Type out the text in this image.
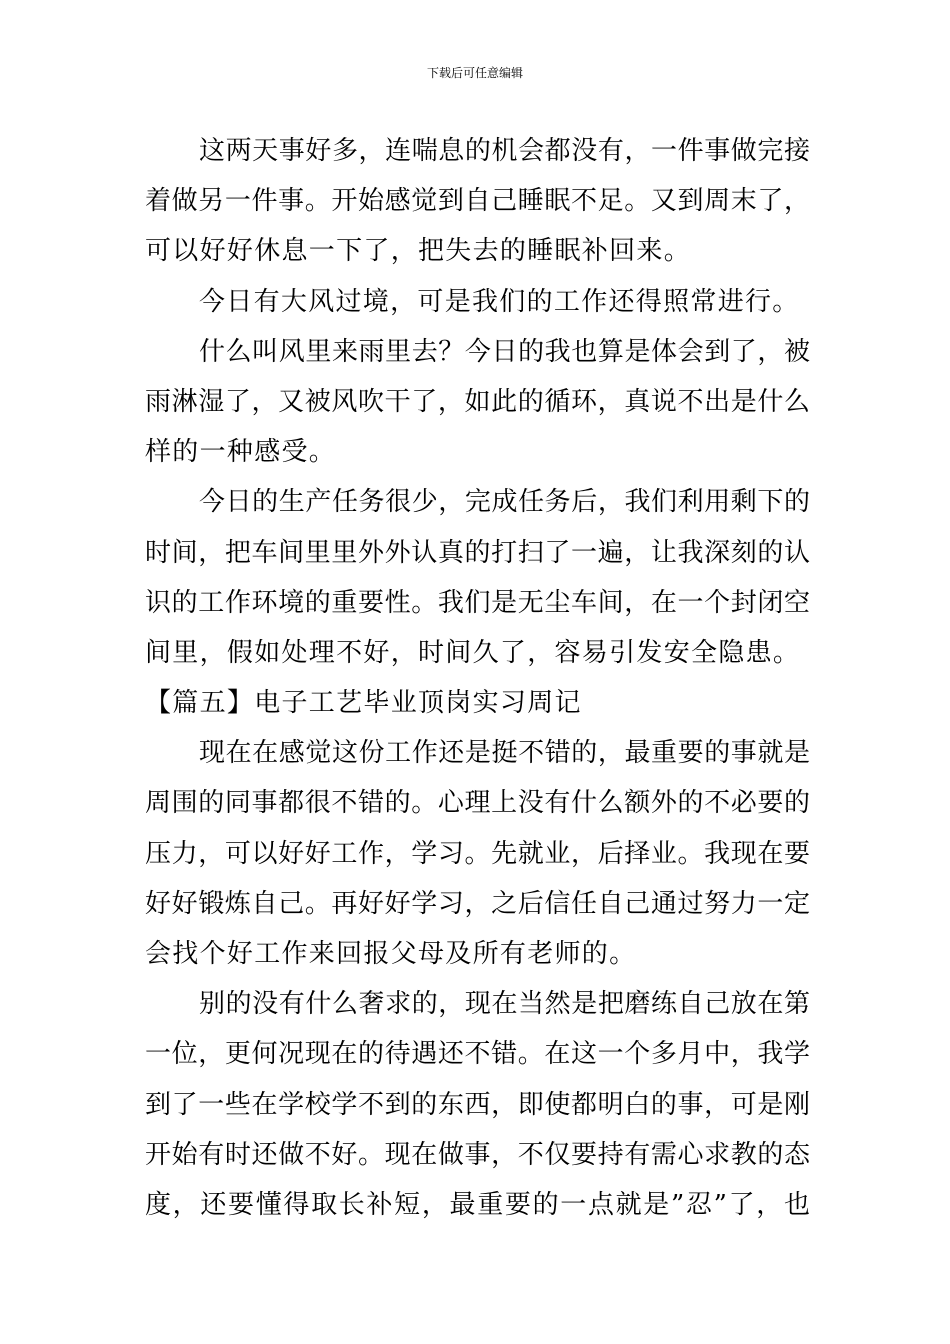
下载后可任意编辑
这两天事好多，连喘息的机会都没有，一件事做完接
着做另一件事。开始感觉到自己睡眠不足。又到周末了，
可以好好休息一下了，把失去的睡眠补回来。
今日有大风过境，可是我们的工作还得照常进行。
什么叫风里来雨里去？今日的我也算是体会到了，被
雨淋湿了，又被风吹干了，如此的循环，真说不出是什么
样的一种感受。
今日的生产任务很少，完成任务后，我们利用剩下的
时间，把车间里里外外认真的打扫了一遍，让我深刻的认
识的工作环境的重要性。我们是无尘车间，在一个封闭空
间里，假如处理不好，时间久了，容易引发安全隐患。
【篇五】电子工艺毕业顶岗实习周记
现在在感觉这份工作还是挺不错的，最重要的事就是
周围的同事都很不错的。心理上没有什么额外的不必要的
压力，可以好好工作，学习。先就业，后择业。我现在要
好好锻炼自己。再好好学习，之后信任自己通过努力一定
会找个好工作来回报父母及所有老师的。
别的没有什么奢求的，现在当然是把磨练自己放在第
一位，更何况现在的待遇还不错。在这一个多月中，我学
到了一些在学校学不到的东西，即使都明白的事，可是刚
开始有时还做不好。现在做事，不仅要持有需心求教的态
度，还要懂得取长补短，最重要的一点就是”忍”了，也
